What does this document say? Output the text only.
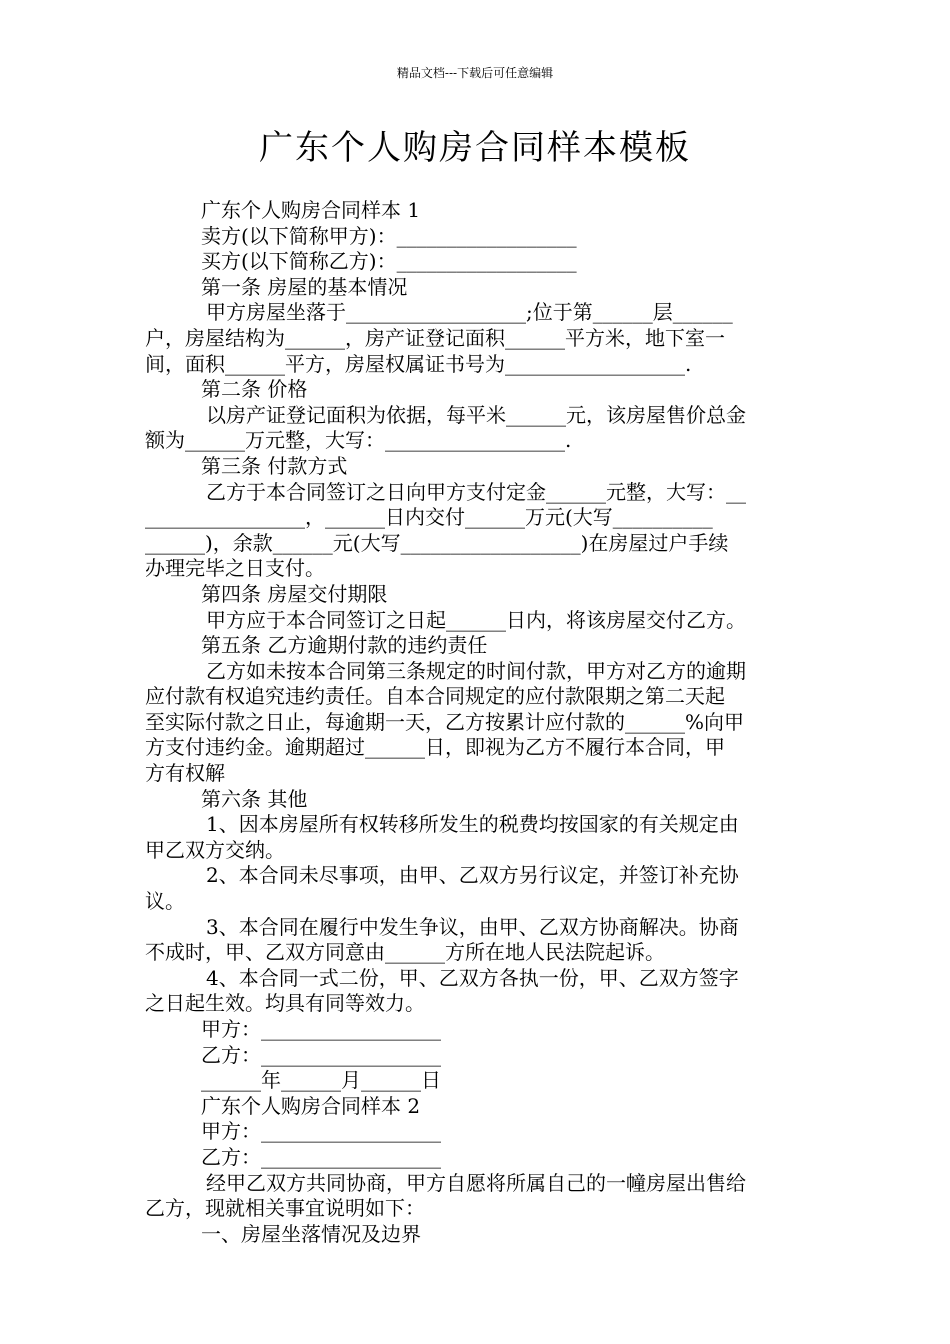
精品文档---下载后可任意编辑
广东个人购房合同样本模板
广东个人购房合同样本 1
卖方(以下简称甲方)：__________________
买方(以下简称乙方)：__________________
第一条 房屋的基本情况
甲方房屋坐落于__________________;位于第______层______
户，房屋结构为______，房产证登记面积______平方米，地下室一
间，面积______平方，房屋权属证书号为__________________.
第二条 价格
以房产证登记面积为依据，每平米______元，该房屋售价总金
额为______万元整，大写：__________________.
第三条 付款方式
乙方于本合同签订之日向甲方支付定金______元整，大写：__
________________，______日内交付______万元(大写__________
______)，余款______元(大写__________________)在房屋过户手续
办理完毕之日支付。
第四条 房屋交付期限
甲方应于本合同签订之日起______日内，将该房屋交付乙方。
第五条 乙方逾期付款的违约责任
乙方如未按本合同第三条规定的时间付款，甲方对乙方的逾期
应付款有权追究违约责任。自本合同规定的应付款限期之第二天起
至实际付款之日止，每逾期一天，乙方按累计应付款的______%向甲
方支付违约金。逾期超过______日，即视为乙方不履行本合同，甲
方有权解
第六条 其他
1、因本房屋所有权转移所发生的税费均按国家的有关规定由
甲乙双方交纳。
2、本合同未尽事项，由甲、乙双方另行议定，并签订补充协
议。
3、本合同在履行中发生争议，由甲、乙双方协商解决。协商
不成时，甲、乙双方同意由______方所在地人民法院起诉。
4、本合同一式二份，甲、乙双方各执一份，甲、乙双方签字
之日起生效。均具有同等效力。
甲方：__________________
乙方：__________________
______年______月______日
广东个人购房合同样本 2
甲方：__________________
乙方：__________________
经甲乙双方共同协商，甲方自愿将所属自己的一幢房屋出售给
乙方，现就相关事宜说明如下：
一、房屋坐落情况及边界
